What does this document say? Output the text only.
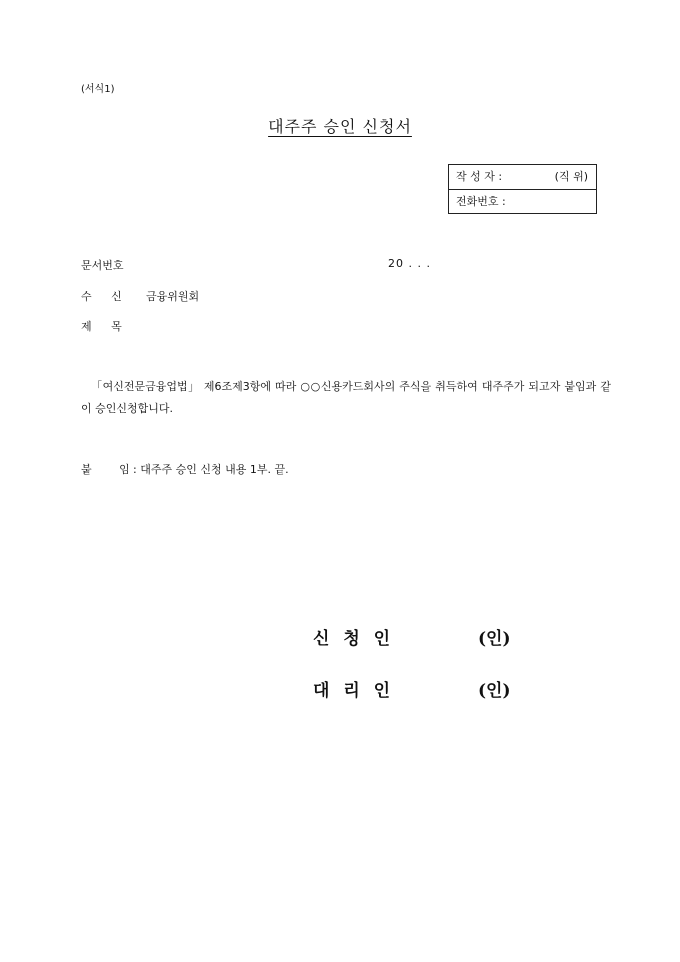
(서식1)
대주주 승인 신청서
작 성 자 :	(직 위)
전화번호 :
문서번호	20 . . .
수 신 금융위원회
제 목
「여신전문금융업법」 제6조제3항에 따라 ○○신용카드회사의 주식을 취득하여 대주주가 되고자 붙임과 같이 승인신청합니다.
붙 임 : 대주주 승인 신청 내용 1부. 끝.
신 청 인	(인)
대 리 인	(인)
